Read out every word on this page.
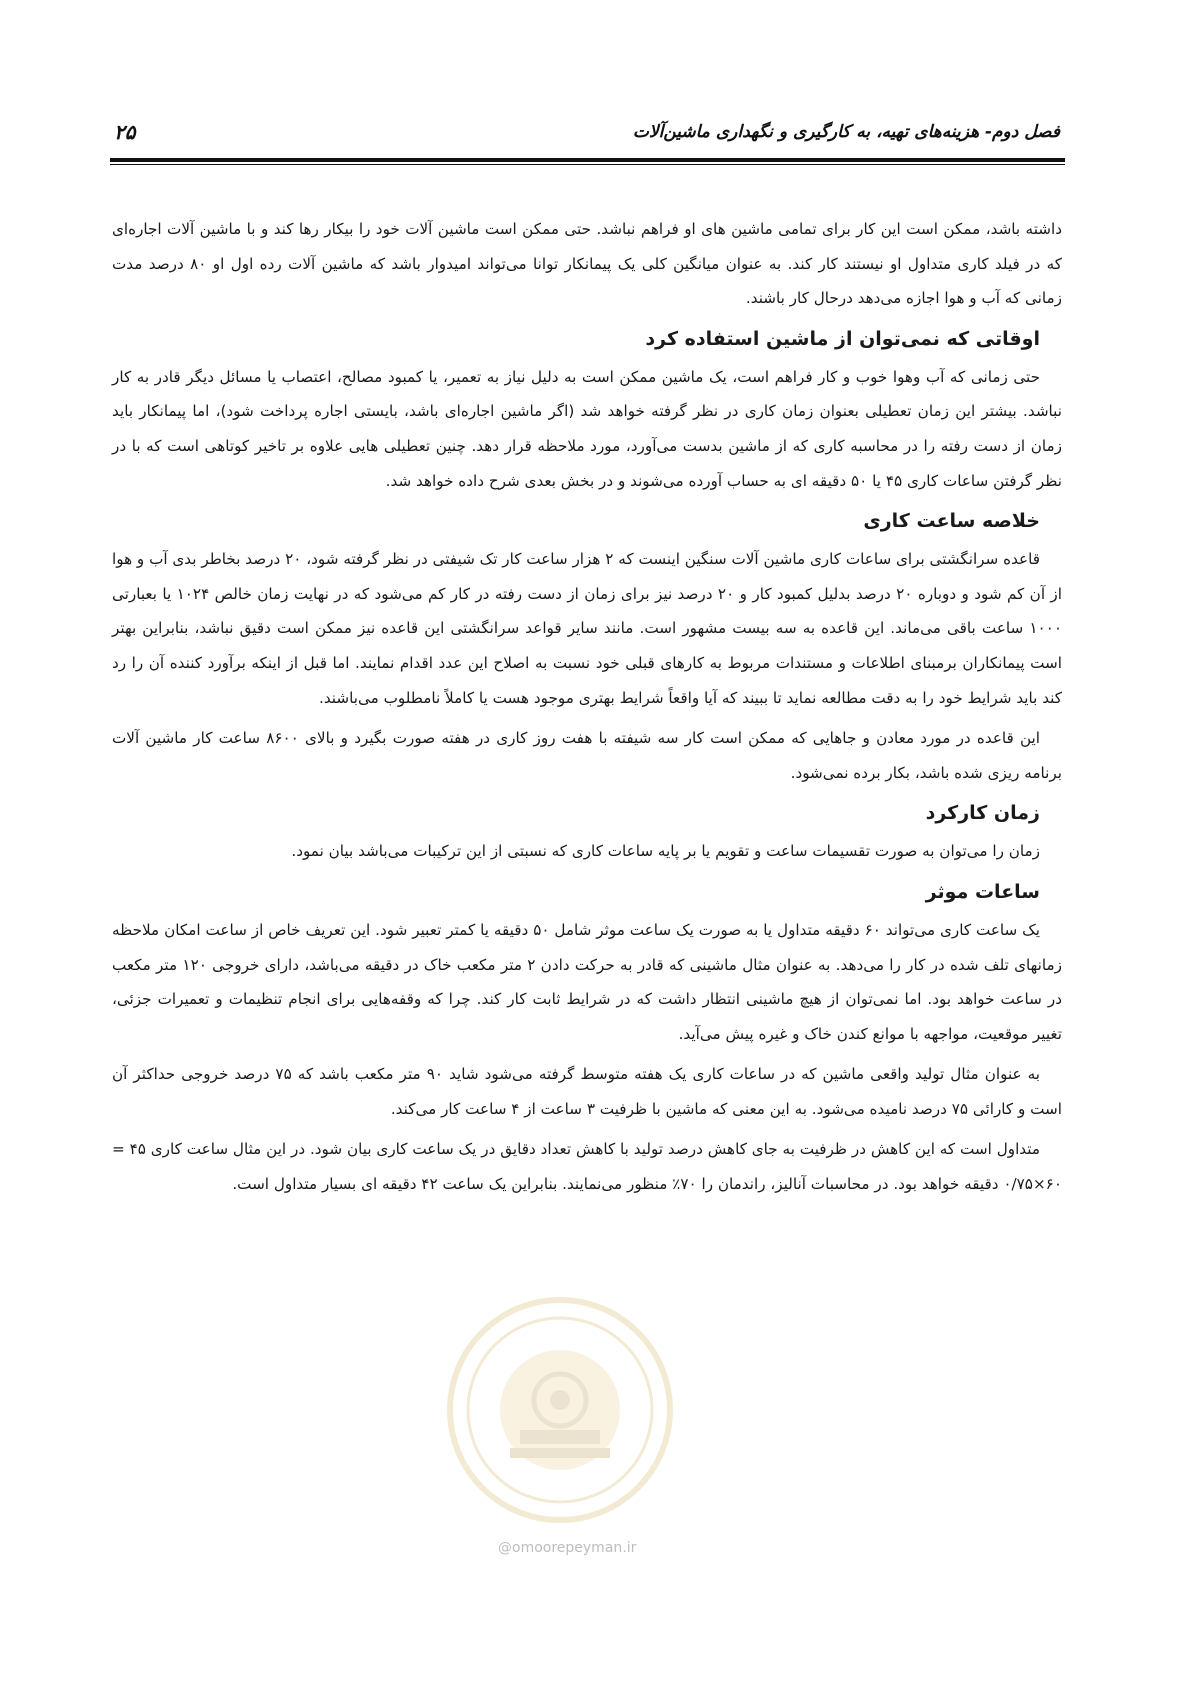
فصل دوم- هزینه‌های تهیه، به کارگیری و نگهداری ماشین‌آلات
۲۵

داشته باشد، ممکن است این کار برای تمامی ماشین های او فراهم نباشد. حتی ممکن است ماشین آلات خود را بیکار رها کند و با ماشین آلات اجاره‌ای که در فیلد کاری متداول او نیستند کار کند. به عنوان میانگین کلی یک پیمانکار توانا می‌تواند امیدوار باشد که ماشین آلات رده اول او ۸۰ درصد مدت زمانی که آب و هوا اجازه می‌دهد درحال کار باشند.

اوقاتی که نمی‌توان از ماشین استفاده کرد

حتی زمانی که آب وهوا خوب و کار فراهم است، یک ماشین ممکن است به دلیل نیاز به تعمیر، یا کمبود مصالح، اعتصاب یا مسائل دیگر قادر به کار نباشد. بیشتر این زمان تعطیلی بعنوان زمان کاری در نظر گرفته خواهد شد (اگر ماشین اجاره‌ای باشد، بایستی اجاره پرداخت شود)، اما پیمانکار باید زمان از دست رفته را در محاسبه کاری که از ماشین بدست می‌آورد، مورد ملاحظه قرار دهد. چنین تعطیلی هایی علاوه بر تاخیر کوتاهی است که با در نظر گرفتن ساعات کاری ۴۵ یا ۵۰ دقیقه ای به حساب آورده می‌شوند و در بخش بعدی شرح داده خواهد شد.

خلاصه ساعت کاری

قاعده سرانگشتی برای ساعات کاری ماشین آلات سنگین اینست که ۲ هزار ساعت کار تک شیفتی در نظر گرفته شود، ۲۰ درصد بخاطر بدی آب و هوا از آن کم شود و دوباره ۲۰ درصد بدلیل کمبود کار و ۲۰ درصد نیز برای زمان از دست رفته در کار کم می‌شود که در نهایت زمان خالص ۱۰۲۴ یا بعبارتی ۱۰۰۰ ساعت باقی می‌ماند. این قاعده به سه بیست مشهور است. مانند سایر قواعد سرانگشتی این قاعده نیز ممکن است دقیق نباشد، بنابراین بهتر است پیمانکاران برمبنای اطلاعات و مستندات مربوط به کارهای قبلی خود نسبت به اصلاح این عدد اقدام نمایند. اما قبل از اینکه برآورد کننده آن را رد کند باید شرایط خود را به دقت مطالعه نماید تا ببیند که آیا واقعاً شرایط بهتری موجود هست یا کاملاً نامطلوب می‌باشند.

این قاعده در مورد معادن و جاهایی که ممکن است کار سه شیفته با هفت روز کاری در هفته صورت بگیرد و بالای ۸۶۰۰ ساعت کار ماشین آلات برنامه ریزی شده باشد، بکار برده نمی‌شود.

زمان کارکرد

زمان را می‌توان به صورت تقسیمات ساعت و تقویم یا بر پایه ساعات کاری که نسبتی از این ترکیبات می‌باشد بیان نمود.

ساعات موثر

یک ساعت کاری می‌تواند ۶۰ دقیقه متداول یا به صورت یک ساعت موثر شامل ۵۰ دقیقه یا کمتر تعبیر شود. این تعریف خاص از ساعت امکان ملاحظه زمانهای تلف شده در کار را می‌دهد. به عنوان مثال ماشینی که قادر به حرکت دادن ۲ متر مکعب خاک در دقیقه می‌باشد، دارای خروجی ۱۲۰ متر مکعب در ساعت خواهد بود. اما نمی‌توان از هیچ ماشینی انتظار داشت که در شرایط ثابت کار کند. چرا که وقفه‌هایی برای انجام تنظیمات و تعمیرات جزئی، تغییر موقعیت، مواجهه با موانع کندن خاک و غیره پیش می‌آید.

به عنوان مثال تولید واقعی ماشین که در ساعات کاری یک هفته متوسط گرفته می‌شود شاید ۹۰ متر مکعب باشد که ۷۵ درصد خروجی حداکثر آن است و کارائی ۷۵ درصد نامیده می‌شود. به این معنی که ماشین با ظرفیت ۳ ساعت از ۴ ساعت کار می‌کند.

متداول است که این کاهش در ظرفیت به جای کاهش درصد تولید با کاهش تعداد دقایق در یک ساعت کاری بیان شود. در این مثال ساعت کاری ۴۵ = ۶۰×۰/۷۵ دقیقه خواهد بود. در محاسبات آنالیز، راندمان را ۷۰٪ منظور می‌نمایند. بنابراین یک ساعت ۴۲ دقیقه ای بسیار متداول است.

@omoorepeyman.ir
